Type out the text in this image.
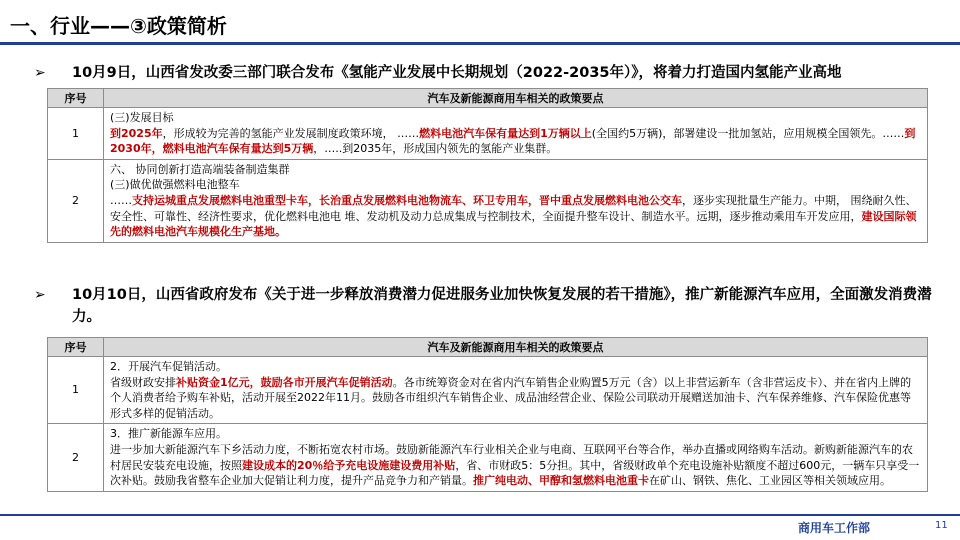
一、行业——③政策简析
➢	10月9日，山西省发改委三部门联合发布《氢能产业发展中长期规划（2022-2035年）》，将着力打造国内氢能产业高地
序号	汽车及新能源商用车相关的政策要点
1	(三)发展目标
到2025年，形成较为完善的氢能产业发展制度政策环境， ……燃料电池汽车保有量达到1万辆以上(全国约5万辆)，部署建设一批加氢站，应用规模全国领先。……到2030年，燃料电池汽车保有量达到5万辆，…..到2035年，形成国内领先的氢能产业集群。
2	六、 协同创新打造高端装备制造集群
(三)做优做强燃料电池整车
……支持运城重点发展燃料电池重型卡车，长治重点发展燃料电池物流车、环卫专用车，晋中重点发展燃料电池公交车，逐步实现批量生产能力。中期， 围绕耐久性、安全性、可靠性、经济性要求，优化燃料电池电 堆、发动机及动力总成集成与控制技术，全面提升整车设计、制造水平。远期，逐步推动乘用车开发应用，建设国际领先的燃料电池汽车规模化生产基地。
➢	10月10日，山西省政府发布《关于进一步释放消费潜力促进服务业加快恢复发展的若干措施》，推广新能源汽车应用，全面激发消费潜力。
序号	汽车及新能源商用车相关的政策要点
1	2．开展汽车促销活动。
省级财政安排补贴资金1亿元，鼓励各市开展汽车促销活动。各市统筹资金对在省内汽车销售企业购置5万元（含）以上非营运新车（含非营运皮卡）、并在省内上牌的个人消费者给予购车补贴，活动开展至2022年11月。鼓励各市组织汽车销售企业、成品油经营企业、保险公司联动开展赠送加油卡、汽车保养维修、汽车保险优惠等形式多样的促销活动。
2	3．推广新能源车应用。
进一步加大新能源汽车下乡活动力度，不断拓宽农村市场。鼓励新能源汽车行业相关企业与电商、互联网平台等合作，举办直播或网络购车活动。新购新能源汽车的农村居民安装充电设施，按照建设成本的20％给予充电设施建设费用补贴，省、市财政5：5分担。其中，省级财政单个充电设施补贴额度不超过600元，一辆车只享受一次补贴。鼓励我省整车企业加大促销让利力度，提升产品竞争力和产销量。推广纯电动、甲醇和氢燃料电池重卡在矿山、钢铁、焦化、工业园区等相关领域应用。
商用车工作部	11
